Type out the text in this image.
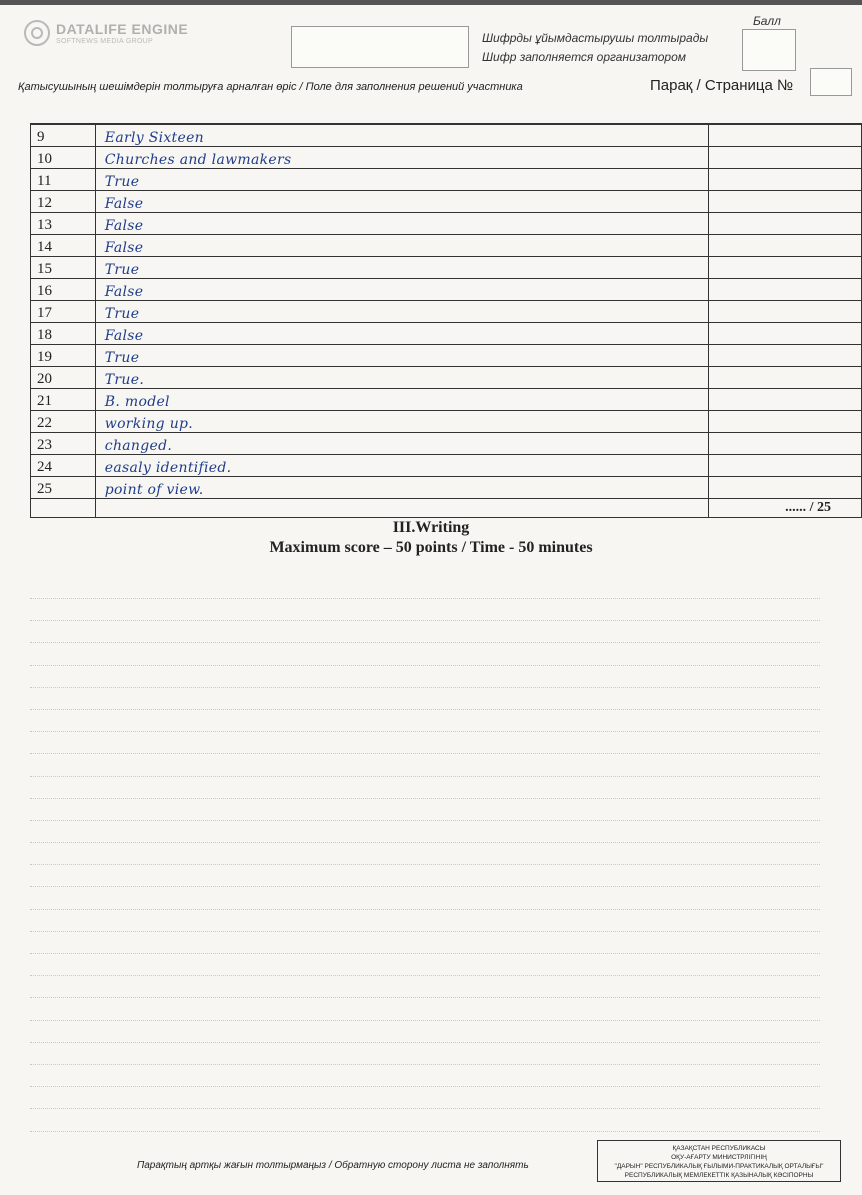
DATALIFE ENGINE
SOFTNEWS MEDIA GROUP	Шифрды ұйымдастырушы толтырады
Шифр заполняется организатором
Балл
Қатысушының шешімдерін толтыруға арналған өріс / Поле для заполнения решений участника	Парақ / Страница №
9	Early Sixteen	
10	Churches and lawmakers	
11	True	
12	False	
13	False	
14	False	
15	True	
16	False	
17	True	
18	False	
19	True	
20	True.	
21	B. model	
22	working up.	
23	changed.	
24	easaly identified.	
25	point of view.	
		...... / 25
III.Writing
Maximum score – 50 points / Time - 50 minutes
Парақтың артқы жағын толтырмаңыз / Обратную сторону листа не заполнять
ҚАЗАҚСТАН РЕСПУБЛИКАСЫ
ОҚУ-АҒАРТУ МИНИСТРЛІГІНІҢ
"ДАРЫН" РЕСПУБЛИКАЛЫҚ ҒЫЛЫМИ-ПРАКТИКАЛЫҚ ОРТАЛЫҒЫ"
РЕСПУБЛИКАЛЫҚ МЕМЛЕКЕТТІК ҚАЗЫНАЛЫҚ КӘСІПОРНЫ
